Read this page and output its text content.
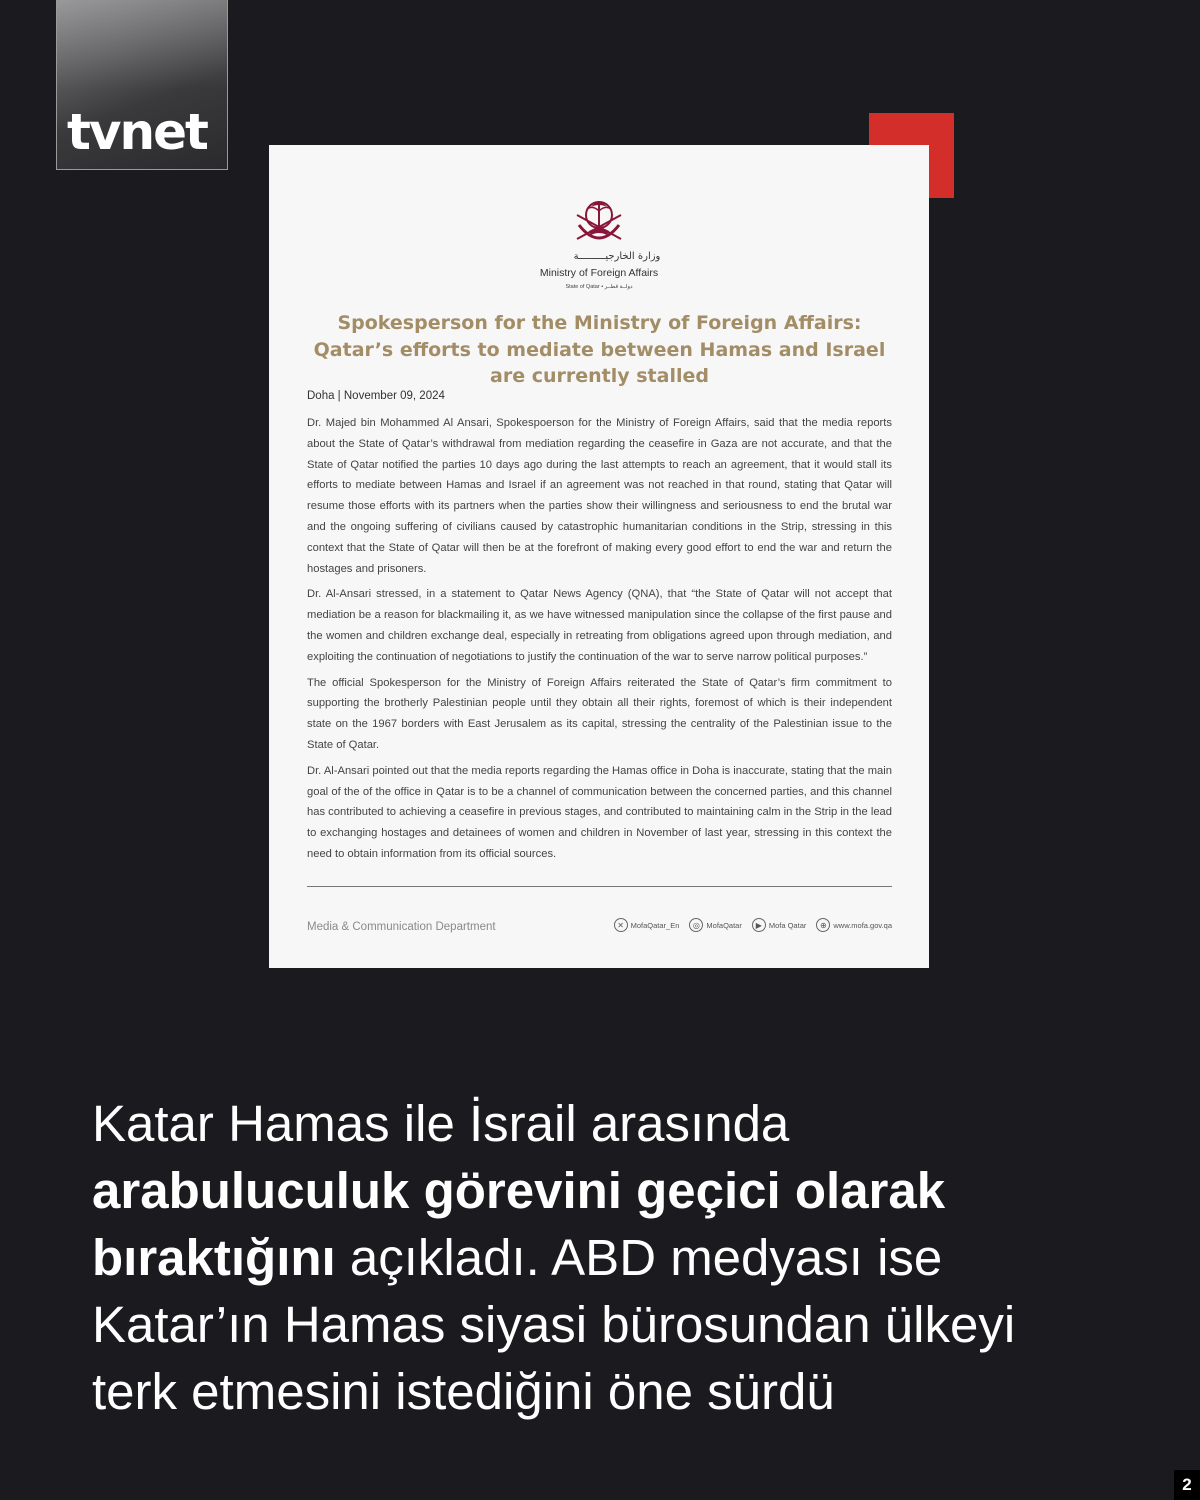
tvnet
وزارة الخارجيـــــــــة
Ministry of Foreign Affairs
State of Qatar • دولــة قطــر
Spokesperson for the Ministry of Foreign Affairs: Qatar’s efforts to mediate between Hamas and Israel are currently stalled
Doha | November 09, 2024

Dr. Majed bin Mohammed Al Ansari, Spokespoerson for the Ministry of Foreign Affairs, said that the media reports about the State of Qatar’s withdrawal from mediation regarding the ceasefire in Gaza are not accurate, and that the State of Qatar notified the parties 10 days ago during the last attempts to reach an agreement, that it would stall its efforts to mediate between Hamas and Israel if an agreement was not reached in that round, stating that Qatar will resume those efforts with its partners when the parties show their willingness and seriousness to end the brutal war and the ongoing suffering of civilians caused by catastrophic humanitarian conditions in the Strip, stressing in this context that the State of Qatar will then be at the forefront of making every good effort to end the war and return the hostages and prisoners.

Dr. Al-Ansari stressed, in a statement to Qatar News Agency (QNA), that “the State of Qatar will not accept that mediation be a reason for blackmailing it, as we have witnessed manipulation since the collapse of the first pause and the women and children exchange deal, especially in retreating from obligations agreed upon through mediation, and exploiting the continuation of negotiations to justify the continuation of the war to serve narrow political purposes.”

The official Spokesperson for the Ministry of Foreign Affairs reiterated the State of Qatar’s firm commitment to supporting the brotherly Palestinian people until they obtain all their rights, foremost of which is their independent state on the 1967 borders with East Jerusalem as its capital, stressing the centrality of the Palestinian issue to the State of Qatar.

Dr. Al-Ansari pointed out that the media reports regarding the Hamas office in Doha is inaccurate, stating that the main goal of the of the office in Qatar is to be a channel of communication between the concerned parties, and this channel has contributed to achieving a ceasefire in previous stages, and contributed to maintaining calm in the Strip in the lead to exchanging hostages and detainees of women and children in November of last year, stressing in this context the need to obtain information from its official sources.

Media & Communication Department	✕ MofaQatar_En	◎ MofaQatar	▶ Mofa Qatar	⊕ www.mofa.gov.qa
Katar Hamas ile İsrail arasında arabuluculuk görevini geçici olarak bıraktığını açıkladı. ABD medyası ise Katar’ın Hamas siyasi bürosundan ülkeyi terk etmesini istediğini öne sürdü
2
